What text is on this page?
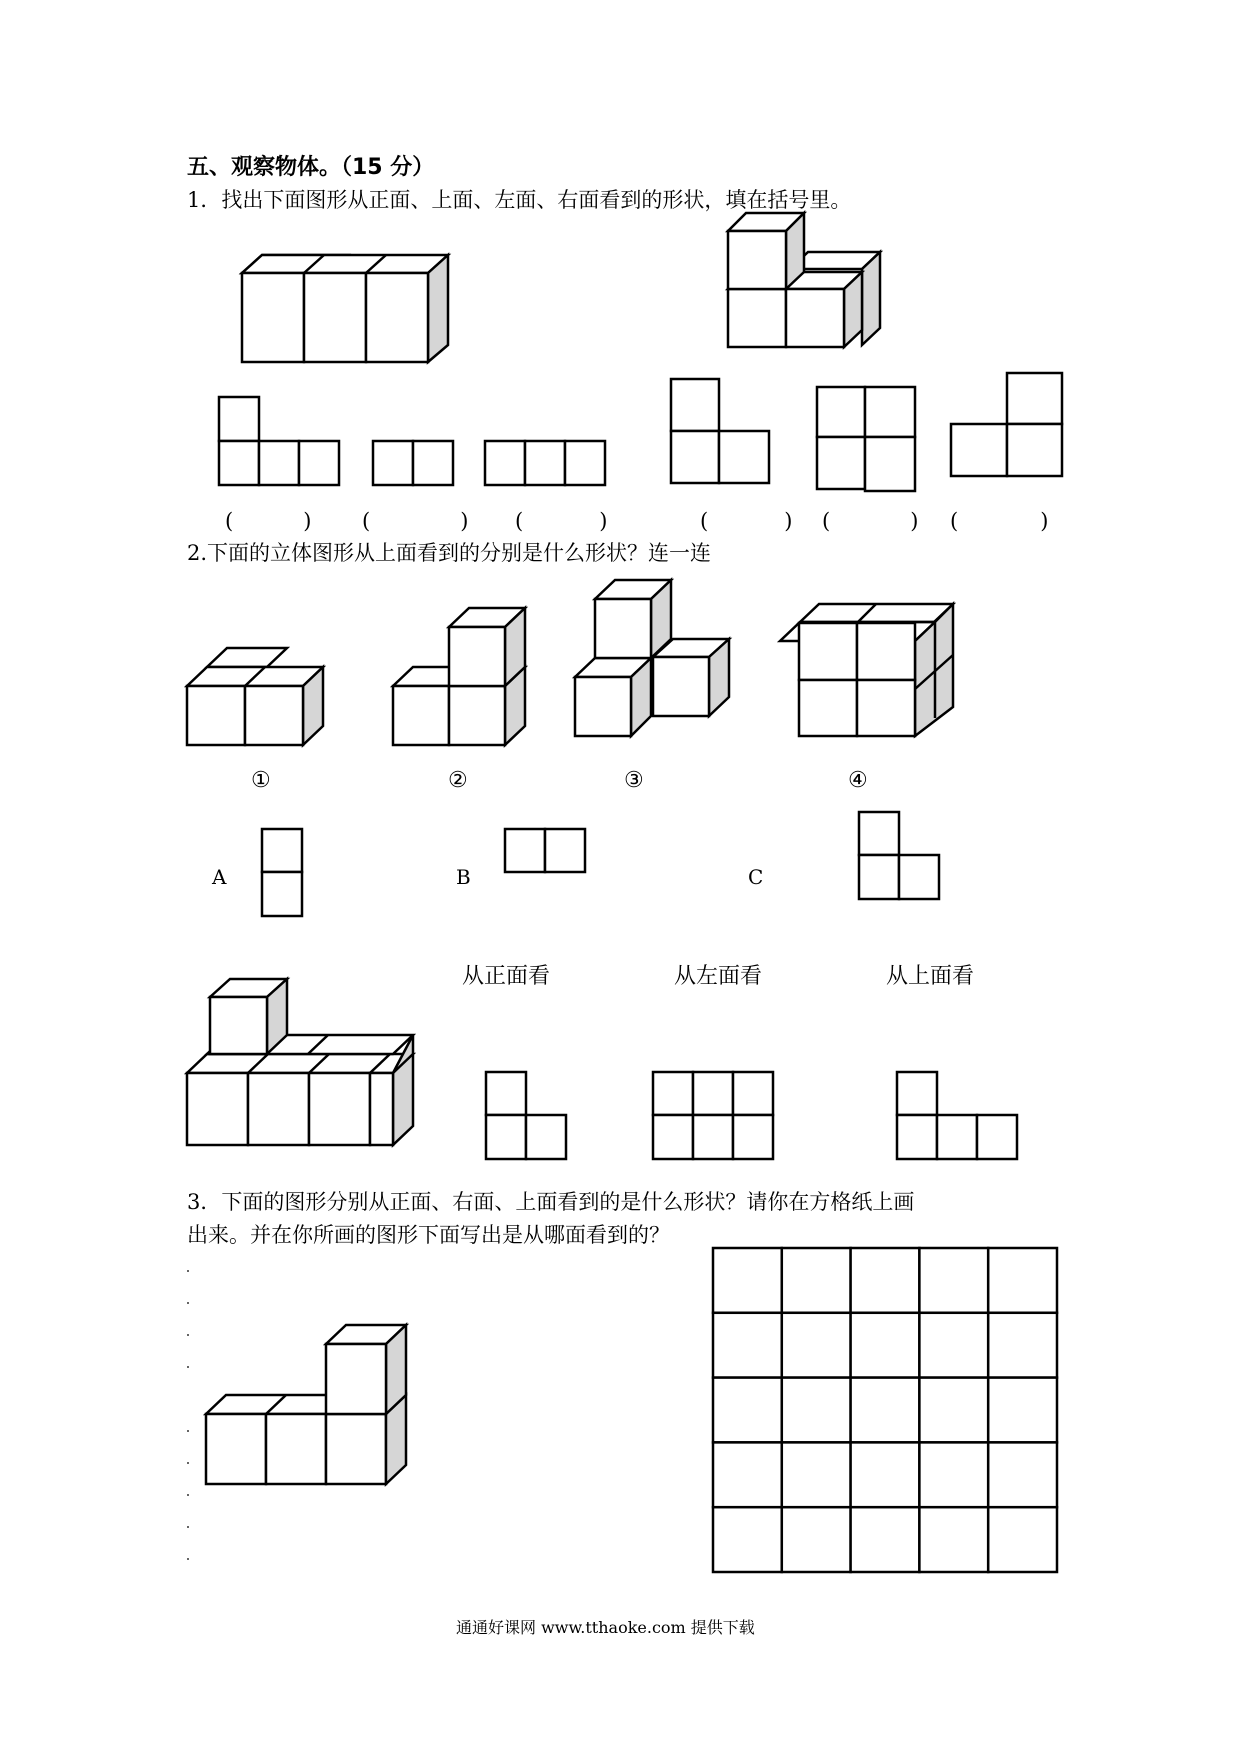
五、观察物体。（15 分）
1．找出下面图形从正面、上面、左面、右面看到的形状，填在括号里。
(	) (	) (	)	(	) (	) (	)
2.下面的立体图形从上面看到的分别是什么形状？连一连
①	②	③	④
A	B	C
从正面看	从左面看	从上面看
3．下面的图形分别从正面、右面、上面看到的是什么形状？请你在方格纸上画
出来。并在你所画的图形下面写出是从哪面看到的？
通通好课网 www.tthaoke.com 提供下载
